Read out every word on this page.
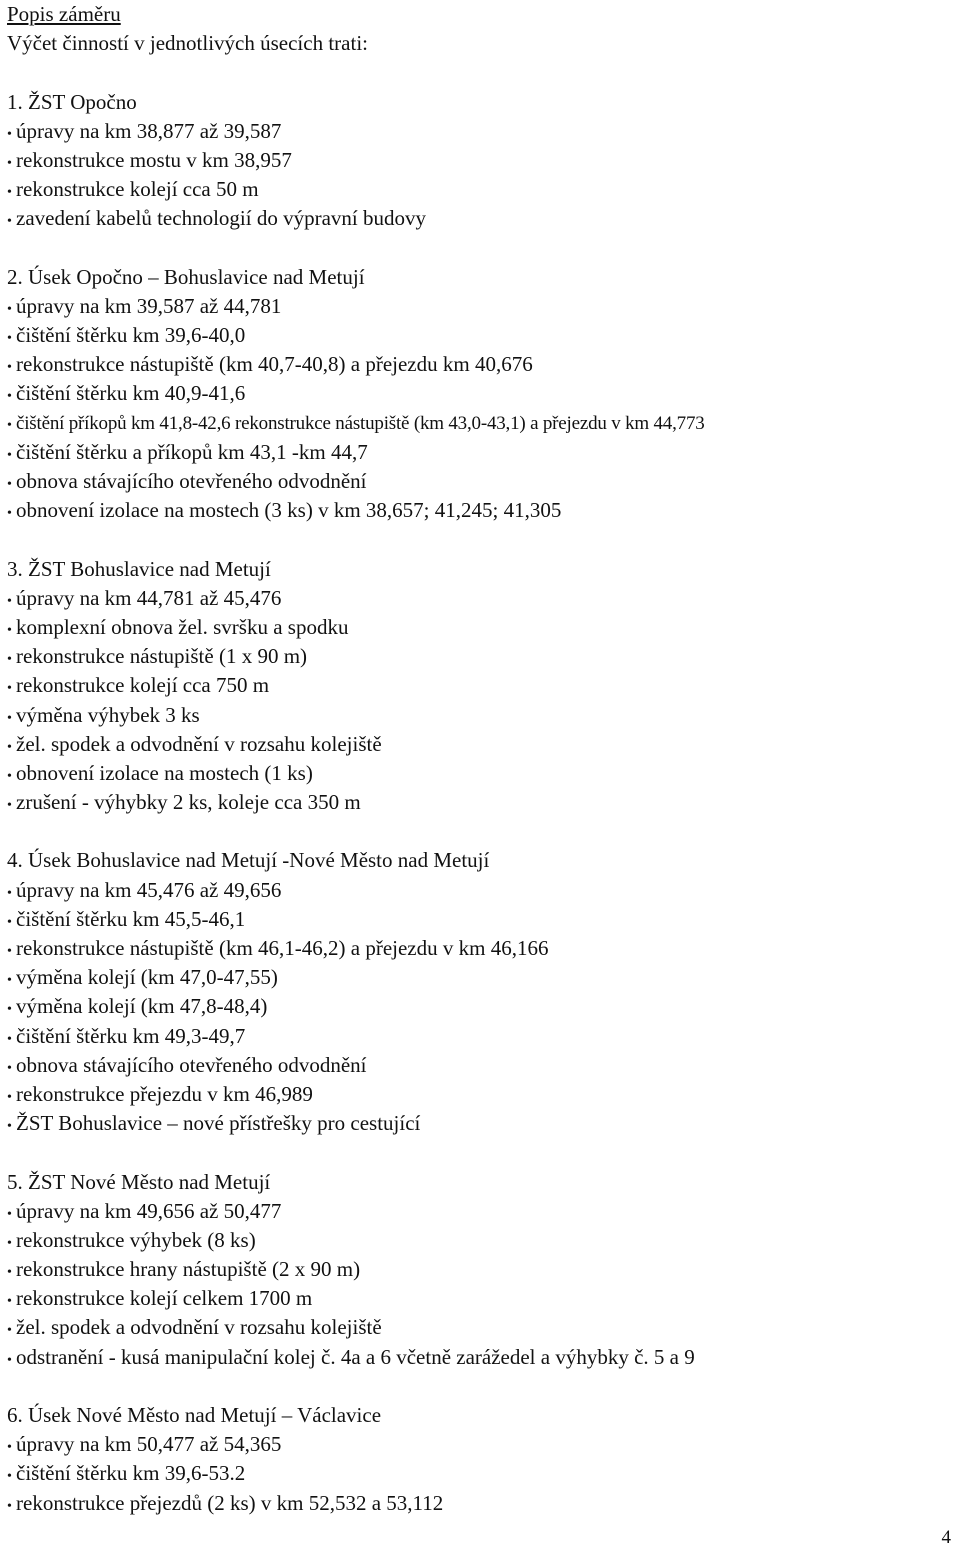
Popis záměru
Výčet činností v jednotlivých úsecích trati:
1. ŽST Opočno
• úpravy na km 38,877 až 39,587
• rekonstrukce mostu v km 38,957
• rekonstrukce kolejí cca 50 m
• zavedení kabelů technologií do výpravní budovy
2. Úsek Opočno – Bohuslavice nad Metují
• úpravy na km 39,587 až 44,781
• čištění štěrku km 39,6-40,0
• rekonstrukce nástupiště (km 40,7-40,8) a přejezdu km 40,676
• čištění štěrku km 40,9-41,6
• čištění příkopů km 41,8-42,6 rekonstrukce nástupiště (km 43,0-43,1) a přejezdu v km 44,773
• čištění štěrku a příkopů km 43,1 -km 44,7
• obnova stávajícího otevřeného odvodnění
• obnovení izolace na mostech (3 ks) v km 38,657; 41,245; 41,305
3. ŽST Bohuslavice nad Metují
• úpravy na km 44,781 až 45,476
• komplexní obnova žel. svršku a spodku
• rekonstrukce nástupiště (1 x 90 m)
• rekonstrukce kolejí cca 750 m
• výměna výhybek 3 ks
• žel. spodek a odvodnění v rozsahu kolejiště
• obnovení izolace na mostech (1 ks)
• zrušení - výhybky 2 ks, koleje cca 350 m
4. Úsek Bohuslavice nad Metují -Nové Město nad Metují
• úpravy na km 45,476 až 49,656
• čištění štěrku km 45,5-46,1
• rekonstrukce nástupiště (km 46,1-46,2) a přejezdu v km 46,166
• výměna kolejí (km 47,0-47,55)
• výměna kolejí (km 47,8-48,4)
• čištění štěrku km 49,3-49,7
• obnova stávajícího otevřeného odvodnění
• rekonstrukce přejezdu v km 46,989
• ŽST Bohuslavice – nové přístřešky pro cestující
5. ŽST Nové Město nad Metují
• úpravy na km 49,656 až 50,477
• rekonstrukce výhybek (8 ks)
• rekonstrukce hrany nástupiště (2 x 90 m)
• rekonstrukce kolejí celkem 1700 m
• žel. spodek a odvodnění v rozsahu kolejiště
• odstranění - kusá manipulační kolej č. 4a a 6 včetně zarážedel a výhybky č. 5 a 9
6. Úsek Nové Město nad Metují – Václavice
• úpravy na km 50,477 až 54,365
• čištění štěrku km 39,6-53.2
• rekonstrukce přejezdů (2 ks) v km 52,532 a 53,112
4
